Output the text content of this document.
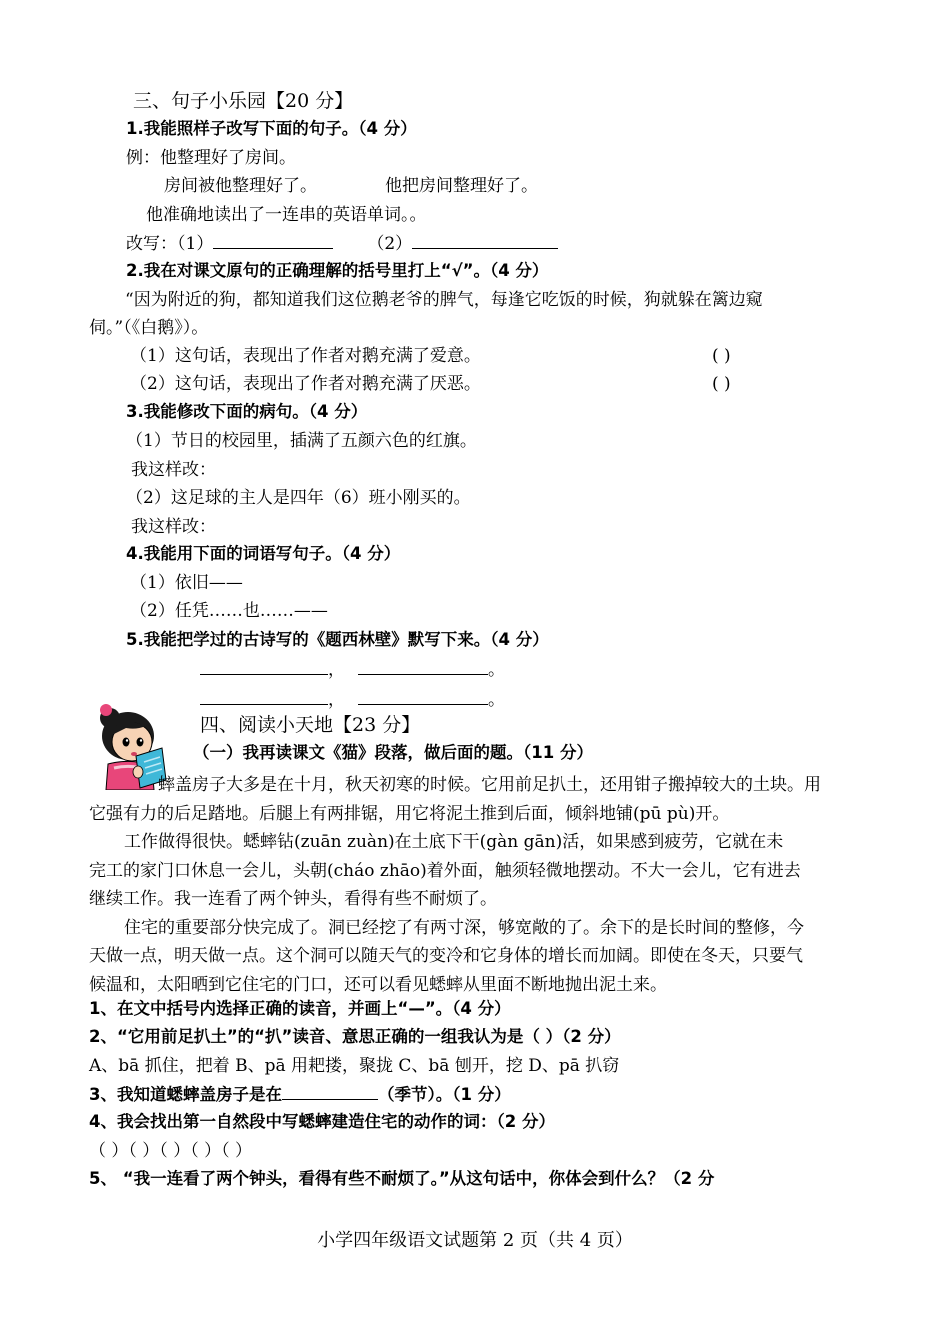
三、句子小乐园【20 分】
1.我能照样子改写下面的句子。（4 分）
例：他整理好了房间。
房间被他整理好了。	他把房间整理好了。
他准确地读出了一连串的英语单词。。
改写：（1）	（2）
2.我在对课文原句的正确理解的括号里打上“√”。（4 分）
“因为附近的狗，都知道我们这位鹅老爷的脾气，每逢它吃饭的时候，狗就躲在篱边窥
伺。”（《白鹅》）。
（1）这句话，表现出了作者对鹅充满了爱意。	( )
（2）这句话，表现出了作者对鹅充满了厌恶。	( )
3.我能修改下面的病句。（4 分）
（1）节日的校园里，插满了五颜六色的红旗。
我这样改：
（2）这足球的主人是四年（6）班小刚买的。
我这样改：
4.我能用下面的词语写句子。（4 分）
（1）依旧——
（2）任凭……也……——
5.我能把学过的古诗写的《题西林壁》默写下来。（4 分）
，	。
，	。
四、阅读小天地【23 分】
（一）我再读课文《猫》段落，做后面的题。（11 分）
蟀盖房子大多是在十月，秋天初寒的时候。它用前足扒土，还用钳子搬掉较大的土块。用
它强有力的后足踏地。后腿上有两排锯，用它将泥土推到后面，倾斜地铺(pū pù)开。
工作做得很快。蟋蟀钻(zuān zuàn)在土底下干(gàn gān)活，如果感到疲劳，它就在未
完工的家门口休息一会儿，头朝(cháo zhāo)着外面，触须轻微地摆动。不大一会儿，它有进去
继续工作。我一连看了两个钟头，看得有些不耐烦了。
住宅的重要部分快完成了。洞已经挖了有两寸深，够宽敞的了。余下的是长时间的整修，今
天做一点，明天做一点。这个洞可以随天气的变冷和它身体的增长而加阔。即使在冬天，只要气
候温和，太阳晒到它住宅的门口，还可以看见蟋蟀从里面不断地抛出泥土来。
1、在文中括号内选择正确的读音，并画上“—”。（4 分）
2、“它用前足扒土”的“扒”读音、意思正确的一组我认为是（ ）（2 分）
A、bā 抓住，把着 B、pā 用耙搂，聚拢 C、bā 刨开，挖 D、pā 扒窃
3、我知道蟋蟀盖房子是在	（季节）。（1 分）
4、我会找出第一自然段中写蟋蟀建造住宅的动作的词：（2 分）
（ ）（ ）（ ）（ ）（ ）
5、 “我一连看了两个钟头，看得有些不耐烦了。”从这句话中，你体会到什么？（2 分
小学四年级语文试题第 2 页（共 4 页）
